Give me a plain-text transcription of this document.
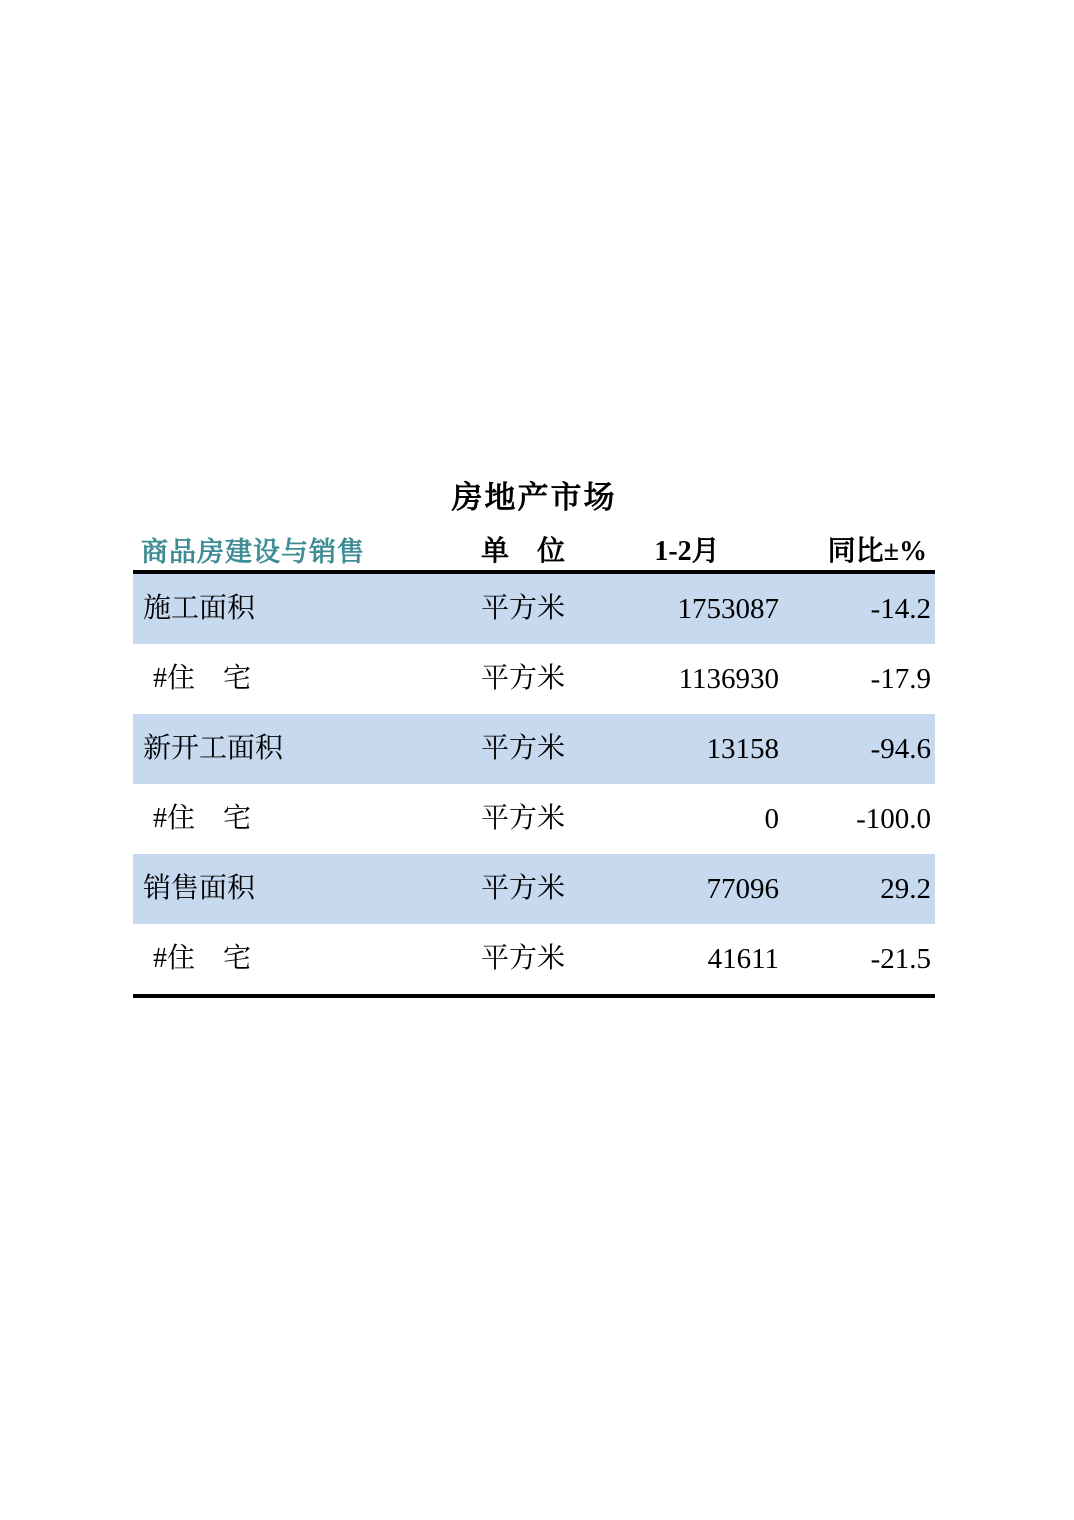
房地产市场
商品房建设与销售	单　位	1-2月	同比±%
施工面积	平方米	1753087	-14.2
#住　宅	平方米	1136930	-17.9
新开工面积	平方米	13158	-94.6
#住　宅	平方米	0	-100.0
销售面积	平方米	77096	29.2
#住　宅	平方米	41611	-21.5
